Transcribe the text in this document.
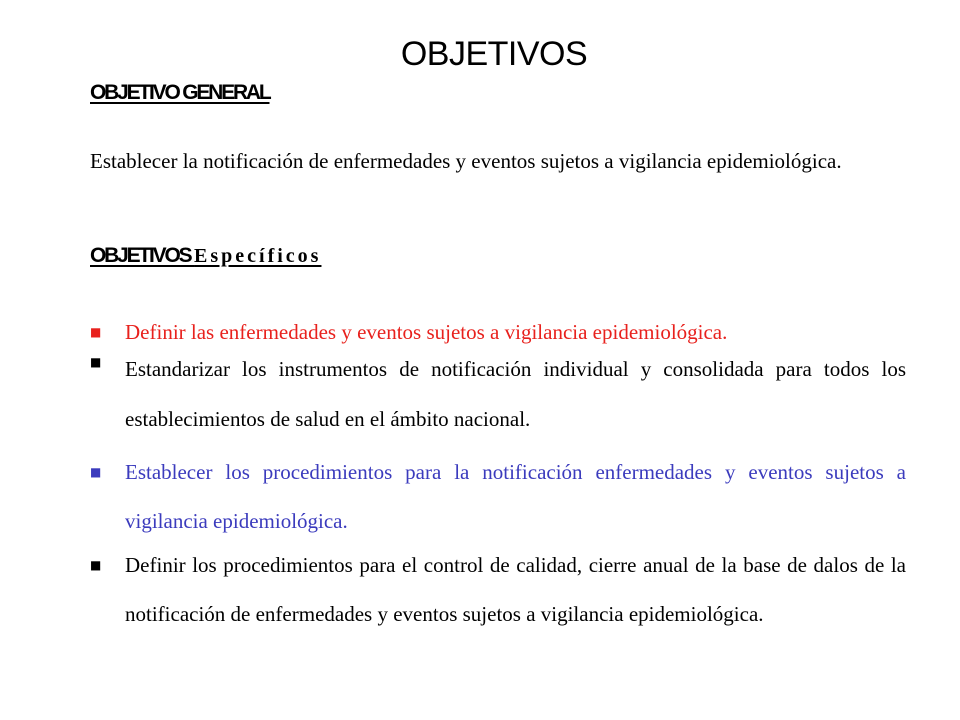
OBJETIVOS
OBJETIVO GENERAL
Establecer la notificación de enfermedades y eventos sujetos a vigilancia epidemiológica.
OBJETIVOS Específicos
■ Definir las enfermedades y eventos sujetos a vigilancia epidemiológica.
■ Estandarizar los instrumentos de notificación individual y consolidada para todos los establecimientos de salud en el ámbito nacional.
■ Establecer los procedimientos para la notificación enfermedades y eventos sujetos a vigilancia epidemiológica.
■ Definir los procedimientos para el control de calidad, cierre anual de la base de dalos de la notificación de enfermedades y eventos sujetos a vigilancia epidemiológica.
